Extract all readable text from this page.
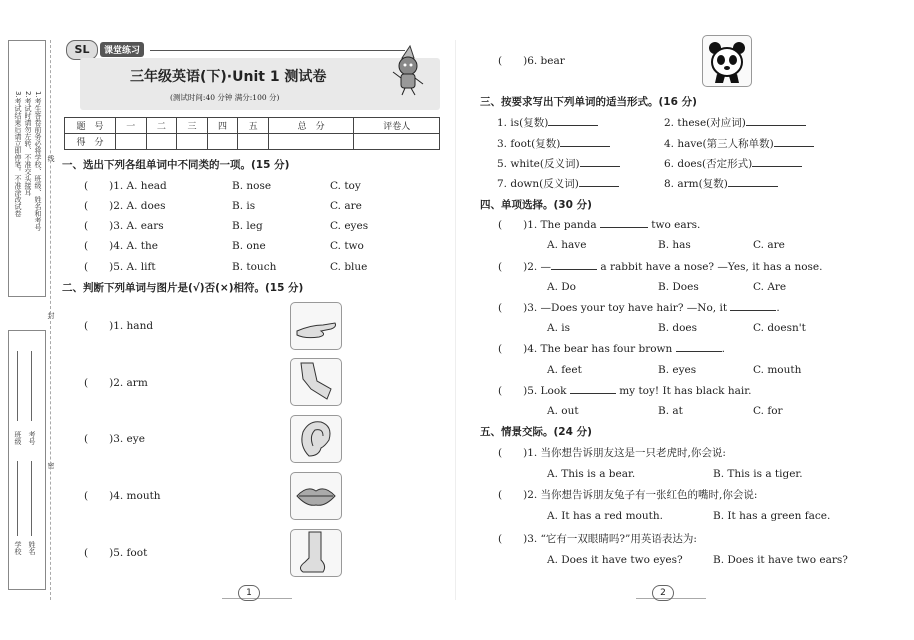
1.考生答卷前务必将学校、班级、姓名和考号
2.考试时请勿左转、不准交头接耳
3.考试结束后请立即停笔。不准涂改试卷
学校 姓名
班级 考号
线
封
密
SL	课堂练习
三年级英语(下)·Unit 1 测试卷
(测试时间:40 分钟 满分:100 分)
题　号	一	二	三	四	五	总　分	评卷人
得　分							
一、选出下列各组单词中不同类的一项。(15 分)
(　　)1. A. head	B. nose	C. toy
(　　)2. A. does	B. is	C. are
(　　)3. A. ears	B. leg	C. eyes
(　　)4. A. the	B. one	C. two
(　　)5. A. lift	B. touch	C. blue
二、判断下列单词与图片是(√)否(×)相符。(15 分)
(　　)1. hand
(　　)2. arm
(　　)3. eye
(　　)4. mouth
(　　)5. foot
(　　)6. bear
三、按要求写出下列单词的适当形式。(16 分)
1. is(复数)	2. these(对应词)
3. foot(复数)	4. have(第三人称单数)
5. white(反义词)	6. does(否定形式)
7. down(反义词)	8. arm(复数)
四、单项选择。(30 分)
(　　)1. The panda	two ears.
A. have	B. has	C. are
(　　)2. —	a rabbit have a nose? —Yes, it has a nose.
A. Do	B. Does	C. Are
(　　)3. —Does your toy have hair? —No, it	.
A. is	B. does	C. doesn't
(　　)4. The bear has four brown	.
A. feet	B. eyes	C. mouth
(　　)5. Look	my toy! It has black hair.
A. out	B. at	C. for
五、情景交际。(24 分)
(　　)1. 当你想告诉朋友这是一只老虎时,你会说:
A. This is a bear.	B. This is a tiger.
(　　)2. 当你想告诉朋友兔子有一张红色的嘴时,你会说:
A. It has a red mouth.	B. It has a green face.
(　　)3. “它有一双眼睛吗?”用英语表达为:
A. Does it have two eyes?	B. Does it have two ears?
1	2
